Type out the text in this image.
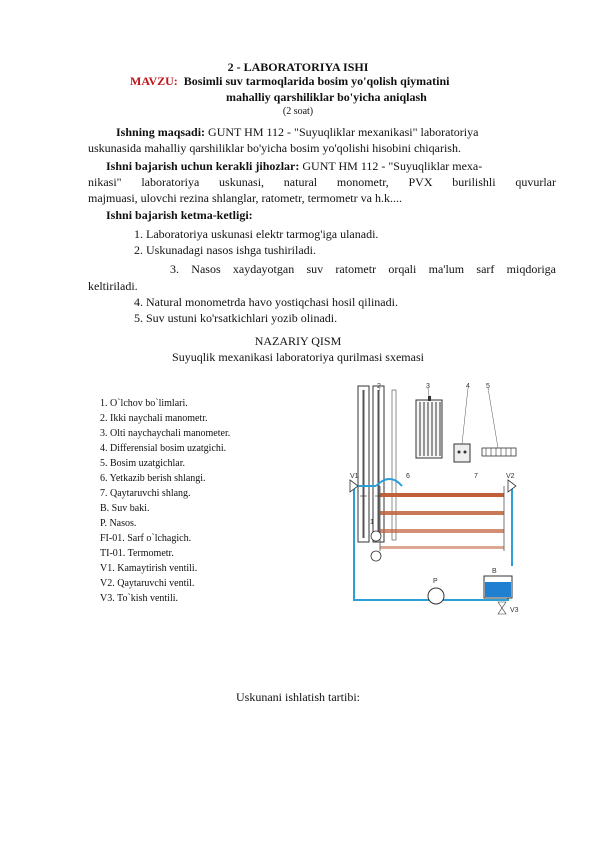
2 - LABORATORIYA ISHI
MAVZU: Bosimli suv tarmoqlarida bosim yo'qolish qiymatini
mahalliy qarshiliklar bo'yicha aniqlash
(2 soat)
Ishning maqsadi: GUNT HM 112 - "Suyuqliklar mexanikasi" laboratoriya
uskunasida mahalliy qarshiliklar bo'yicha bosim yo'qolishi hisobini chiqarish.
Ishni bajarish uchun kerakli jihozlar: GUNT HM 112 - "Suyuqliklar mexa-
nikasi" laboratoriya uskunasi, natural monometr, PVX burilishli quvurlar
majmuasi, ulovchi rezina shlanglar, ratometr, termometr va h.k....
Ishni bajarish ketma-ketligi:
1. Laboratoriya uskunasi elektr tarmog'iga ulanadi.
2. Uskunadagi nasos ishga tushiriladi.
3. Nasos xaydayotgan suv ratometr orqali ma'lum sarf miqdoriga
keltiriladi.
4. Natural monometrda havo yostiqchasi hosil qilinadi.
5. Suv ustuni ko'rsatkichlari yozib olinadi.
NAZARIY QISM
Suyuqlik mexanikasi laboratoriya qurilmasi sxemasi
1. O`lchov bo`limlari.
2. Ikki naychali manometr.
3. Olti naychaychali manometer.
4. Differensial bosim uzatgichi.
5. Bosim uzatgichlar.
6. Yetkazib berish shlangi.
7. Qaytaruvchi shlang.
B. Suv baki.
P. Nasos.
FI-01. Sarf o`lchagich.
TI-01. Termometr.
V1. Kamaytirish ventili.
V2. Qaytaruvchi ventil.
V3. To`kish ventili.
2	3	4 5
V1	6	7	V2
1
B
P
V3
Uskunani ishlatish tartibi:
